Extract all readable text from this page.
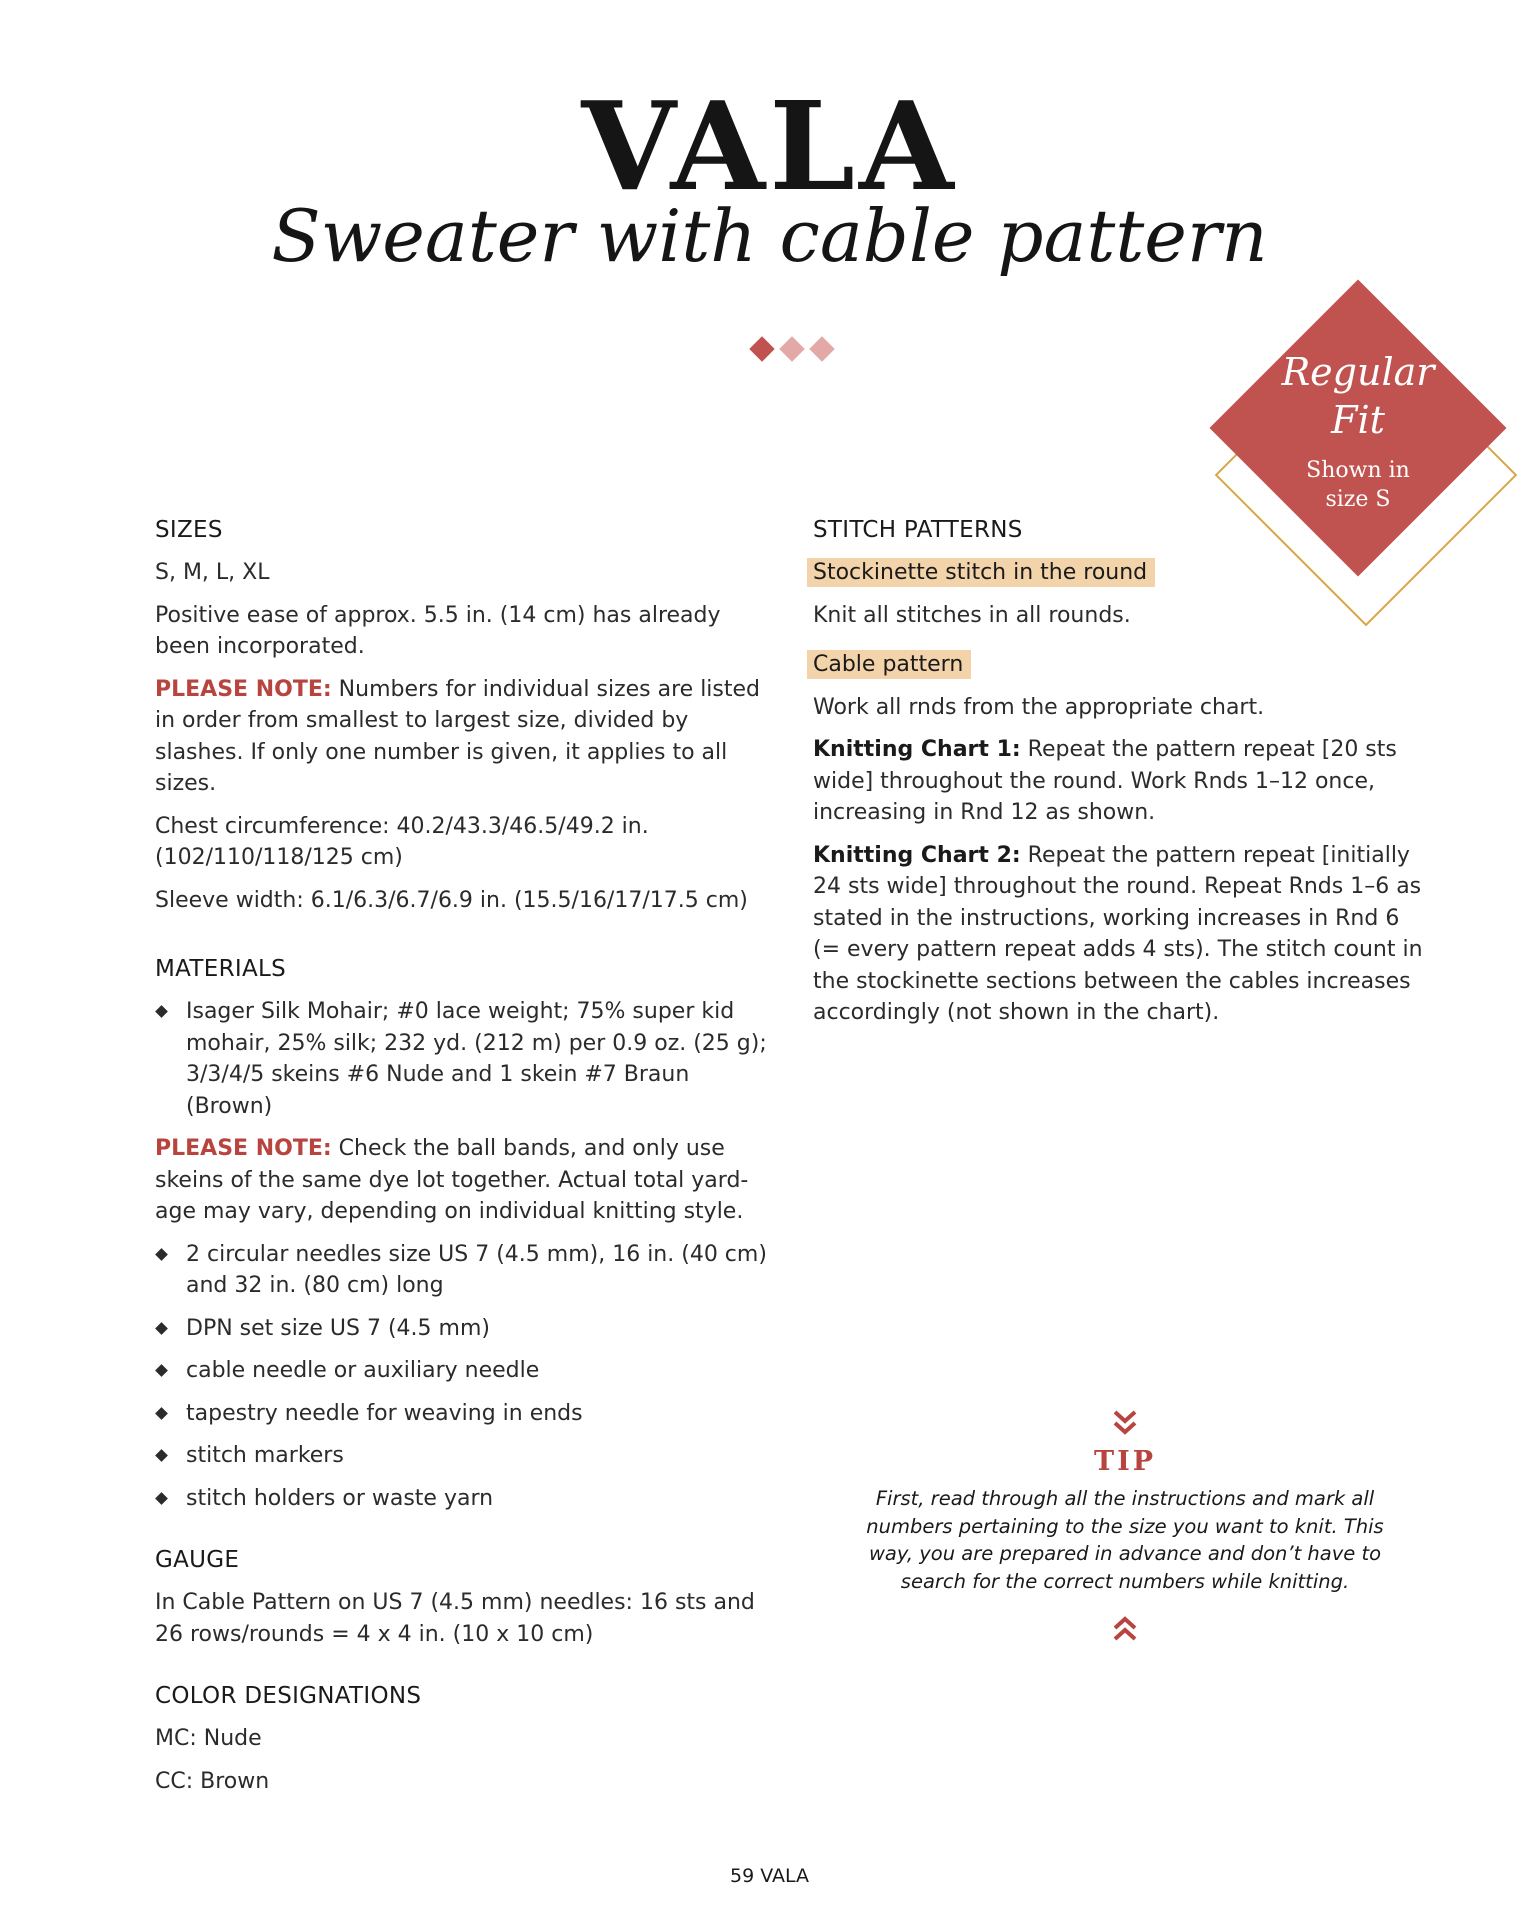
VALA
Sweater with cable pattern
Regular
Fit
Shown in
size S
SIZES
S, M, L, XL
Positive ease of approx. 5.5 in. (14 cm) has already been incorporated.
PLEASE NOTE: Numbers for individual sizes are listed in order from smallest to largest size, divided by slashes. If only one number is given, it applies to all sizes.
Chest circumference: 40.2/43.3/46.5/49.2 in. (102/110/118/125 cm)
Sleeve width: 6.1/6.3/6.7/6.9 in. (15.5/16/17/17.5 cm)
MATERIALS
Isager Silk Mohair; #0 lace weight; 75% super kid mohair, 25% silk; 232 yd. (212 m) per 0.9 oz. (25 g); 3/3/4/5 skeins #6 Nude and 1 skein #7 Braun (Brown)
PLEASE NOTE: Check the ball bands, and only use skeins of the same dye lot together. Actual total yard-age may vary, depending on individual knitting style.
2 circular needles size US 7 (4.5 mm), 16 in. (40 cm) and 32 in. (80 cm) long
DPN set size US 7 (4.5 mm)
cable needle or auxiliary needle
tapestry needle for weaving in ends
stitch markers
stitch holders or waste yarn
GAUGE
In Cable Pattern on US 7 (4.5 mm) needles: 16 sts and 26 rows/rounds = 4 x 4 in. (10 x 10 cm)
COLOR DESIGNATIONS
MC: Nude
CC: Brown
STITCH PATTERNS
Stockinette stitch in the round
Knit all stitches in all rounds.
Cable pattern
Work all rnds from the appropriate chart.
Knitting Chart 1: Repeat the pattern repeat [20 sts wide] throughout the round. Work Rnds 1–12 once, increasing in Rnd 12 as shown.
Knitting Chart 2: Repeat the pattern repeat [initially 24 sts wide] throughout the round. Repeat Rnds 1–6 as stated in the instructions, working increases in Rnd 6 (= every pattern repeat adds 4 sts). The stitch count in the stockinette sections between the cables increases accordingly (not shown in the chart).
TIP
First, read through all the instructions and mark all numbers pertaining to the size you want to knit. This way, you are prepared in advance and don’t have to search for the correct numbers while knitting.
59 VALA
